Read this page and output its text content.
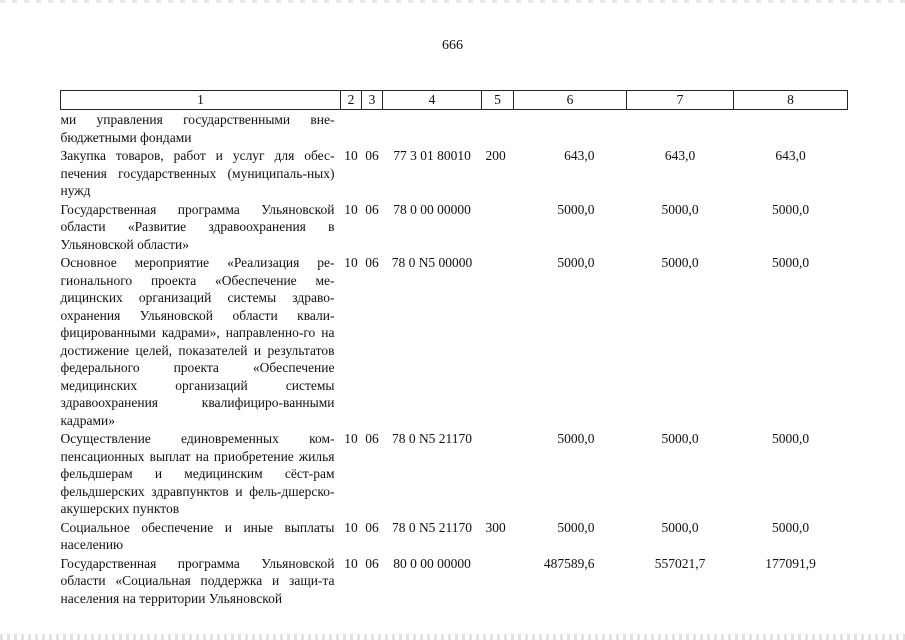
666
1	2	3	4	5	6	7	8
ми управления государственными вне-бюджетными фондами							
Закупка товаров, работ и услуг для обес-печения государственных (муниципаль-ных) нужд	10	06	77 3 01 80010	200	643,0	643,0	643,0
Государственная программа Ульяновской области «Развитие здравоохранения в Ульяновской области»	10	06	78 0 00 00000		5000,0	5000,0	5000,0
Основное мероприятие «Реализация ре-гионального проекта «Обеспечение ме-дицинских организаций системы здраво-охранения Ульяновской области квали-фицированными кадрами», направленно-го на достижение целей, показателей и результатов федерального проекта «Обеспечение медицинских организаций системы здравоохранения квалифициро-ванными кадрами»	10	06	78 0 N5 00000		5000,0	5000,0	5000,0
Осуществление единовременных ком-пенсационных выплат на приобретение жилья фельдшерам и медицинским сёст-рам фельдшерских здравпунктов и фель-дшерско-акушерских пунктов	10	06	78 0 N5 21170		5000,0	5000,0	5000,0
Социальное обеспечение и иные выплаты населению	10	06	78 0 N5 21170	300	5000,0	5000,0	5000,0
Государственная программа Ульяновской области «Социальная поддержка и защи-та населения на территории Ульяновской	10	06	80 0 00 00000		487589,6	557021,7	177091,9
